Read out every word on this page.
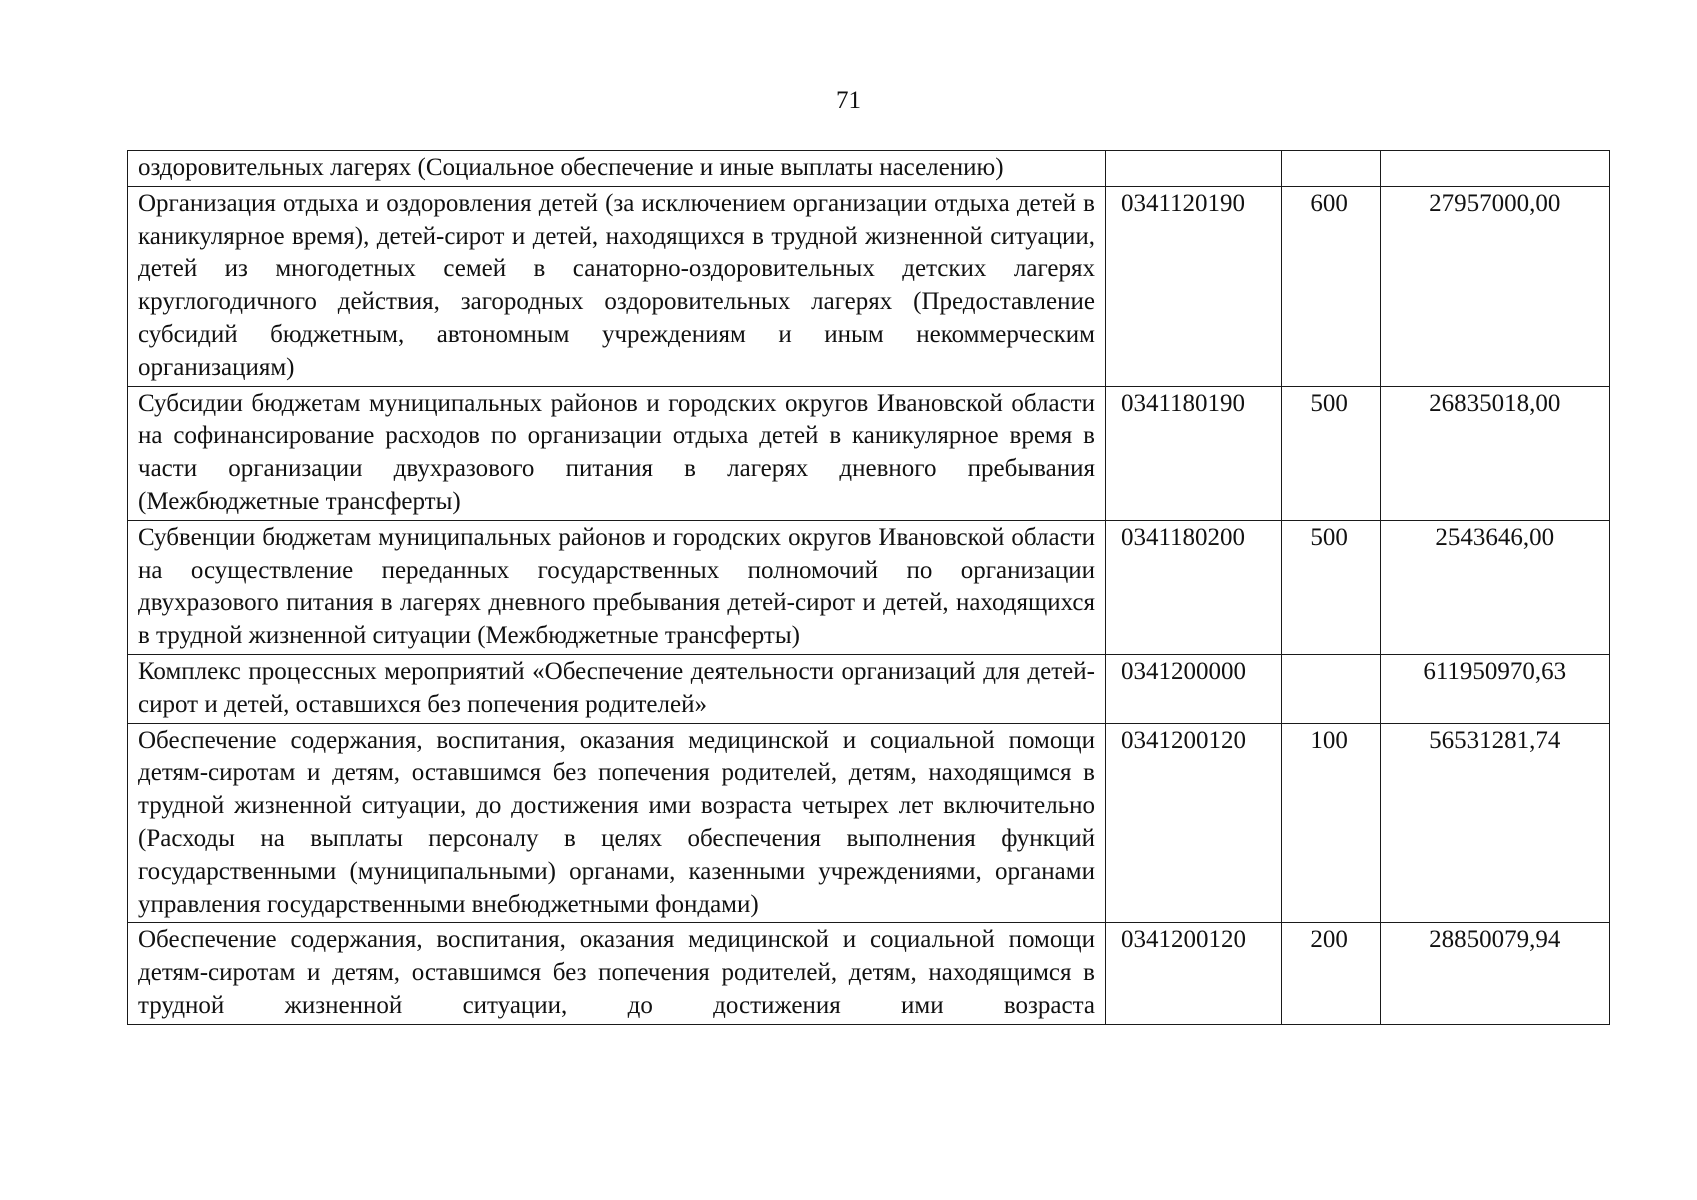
71
оздоровительных лагерях (Социальное обеспечение и иные выплаты населению)			
Организация отдыха и оздоровления детей (за исключением организации отдыха детей в каникулярное время), детей-сирот и детей, находящихся в трудной жизненной ситуации, детей из многодетных семей в санаторно-оздоровительных детских лагерях круглогодичного действия, загородных оздоровительных лагерях (Предоставление субсидий бюджетным, автономным учреждениям и иным некоммерческим организациям)	0341120190	600	27957000,00
Субсидии бюджетам муниципальных районов и городских округов Ивановской области на софинансирование расходов по организации отдыха детей в каникулярное время в части организации двухразового питания в лагерях дневного пребывания (Межбюджетные трансферты)	0341180190	500	26835018,00
Субвенции бюджетам муниципальных районов и городских округов Ивановской области на осуществление переданных государственных полномочий по организации двухразового питания в лагерях дневного пребывания детей-сирот и детей, находящихся в трудной жизненной ситуации (Межбюджетные трансферты)	0341180200	500	2543646,00
Комплекс процессных мероприятий «Обеспечение деятельности организаций для детей-сирот и детей, оставшихся без попечения родителей»	0341200000		611950970,63
Обеспечение содержания, воспитания, оказания медицинской и социальной помощи детям-сиротам и детям, оставшимся без попечения родителей, детям, находящимся в трудной жизненной ситуации, до достижения ими возраста четырех лет включительно (Расходы на выплаты персоналу в целях обеспечения выполнения функций государственными (муниципальными) органами, казенными учреждениями, органами управления государственными внебюджетными фондами)	0341200120	100	56531281,74
Обеспечение содержания, воспитания, оказания медицинской и социальной помощи детям-сиротам и детям, оставшимся без попечения родителей, детям, находящимся в трудной жизненной ситуации, до достижения ими возраста	0341200120	200	28850079,94
